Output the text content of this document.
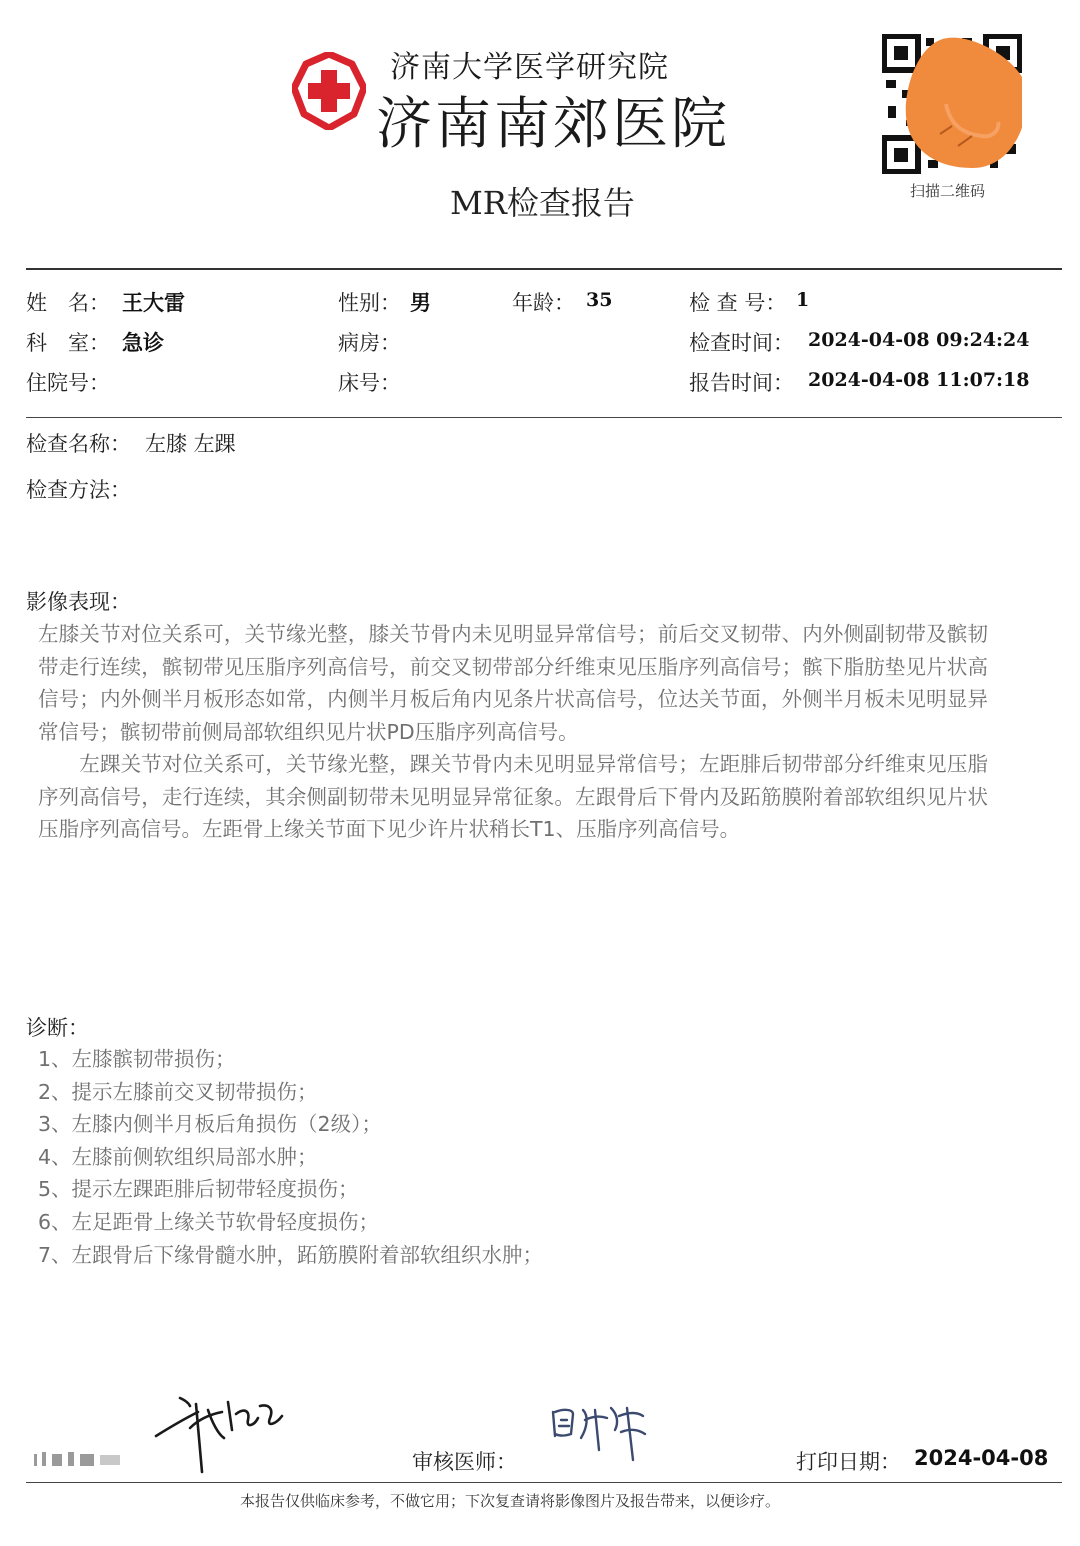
济南大学医学研究院
济南南郊医院
MR检查报告	扫描二维码
姓　名： 王大雷	性别： 男	年龄： 35	检 查 号： 1
科　室： 急诊	病房：	检查时间： 2024-04-08 09:24:24
住院号：	床号：	报告时间： 2024-04-08 11:07:18
检查名称： 左膝 左踝
检查方法：
影像表现：
左膝关节对位关系可，关节缘光整，膝关节骨内未见明显异常信号；前后交叉韧带、内外侧副韧带及髌韧带走行连续，髌韧带见压脂序列高信号，前交叉韧带部分纤维束见压脂序列高信号；髌下脂肪垫见片状高信号；内外侧半月板形态如常，内侧半月板后角内见条片状高信号，位达关节面，外侧半月板未见明显异常信号；髌韧带前侧局部软组织见片状PD压脂序列高信号。
　　左踝关节对位关系可，关节缘光整，踝关节骨内未见明显异常信号；左距腓后韧带部分纤维束见压脂序列高信号，走行连续，其余侧副韧带未见明显异常征象。左跟骨后下骨内及跖筋膜附着部软组织见片状压脂序列高信号。左距骨上缘关节面下见少许片状稍长T1、压脂序列高信号。
诊断：
1、左膝髌韧带损伤；
2、提示左膝前交叉韧带损伤；
3、左膝内侧半月板后角损伤（2级）；
4、左膝前侧软组织局部水肿；
5、提示左踝距腓后韧带轻度损伤；
6、左足距骨上缘关节软骨轻度损伤；
7、左跟骨后下缘骨髓水肿，跖筋膜附着部软组织水肿；
审核医师：	打印日期： 2024-04-08
本报告仅供临床参考，不做它用；下次复查请将影像图片及报告带来，以便诊疗。
